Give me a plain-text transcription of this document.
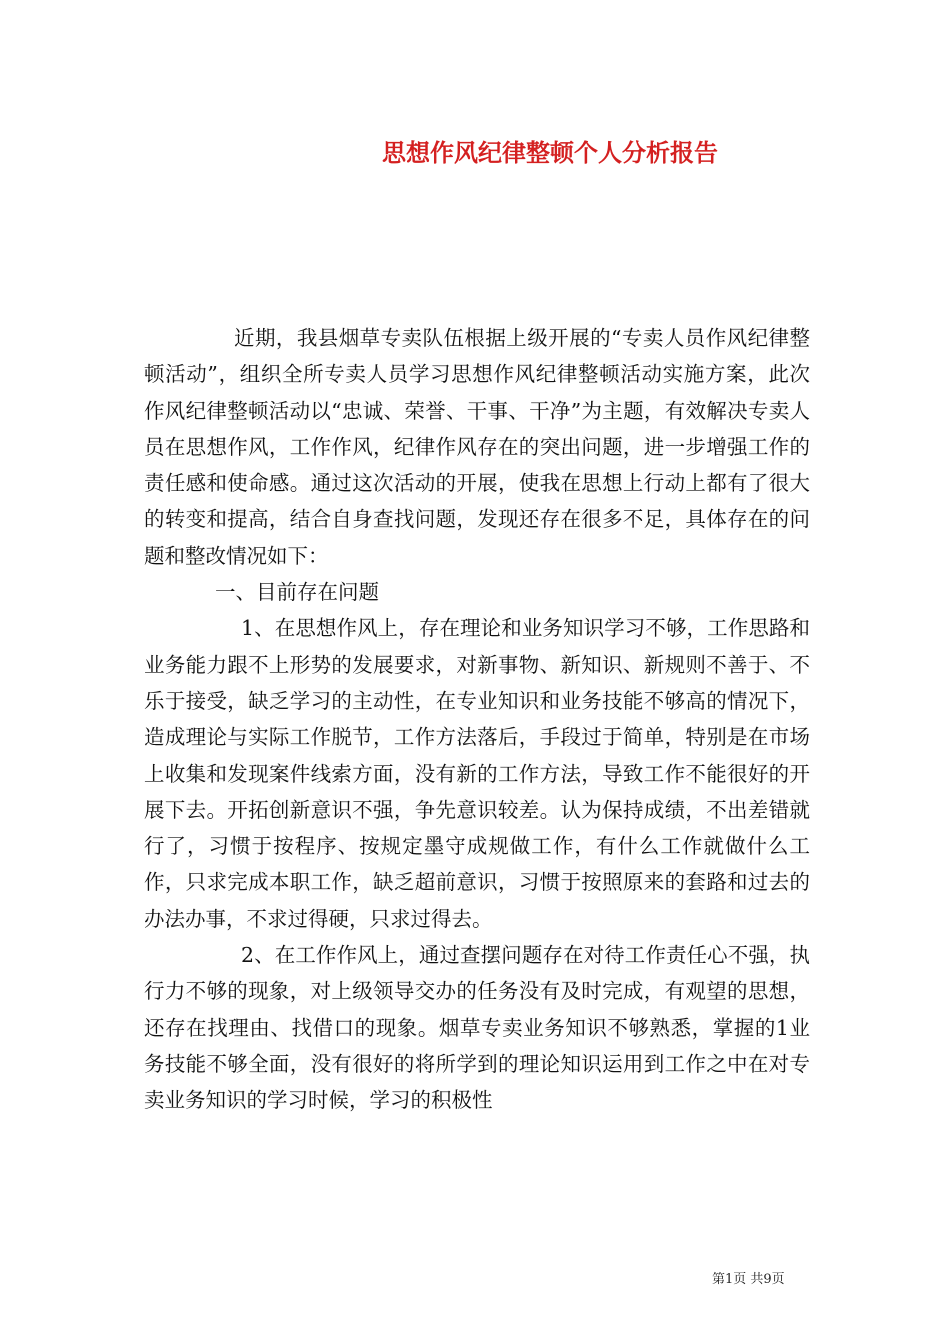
思想作风纪律整顿个人分析报告

近期，我县烟草专卖队伍根据上级开展的“专卖人员作风纪律整顿活动”，组织全所专卖人员学习思想作风纪律整顿活动实施方案，此次作风纪律整顿活动以“忠诚、荣誉、干事、干净”为主题，有效解决专卖人员在思想作风，工作作风，纪律作风存在的突出问题，进一步增强工作的责任感和使命感。通过这次活动的开展，使我在思想上行动上都有了很大的转变和提高，结合自身查找问题，发现还存在很多不足，具体存在的问题和整改情况如下：

一、目前存在问题

1、在思想作风上，存在理论和业务知识学习不够，工作思路和业务能力跟不上形势的发展要求，对新事物、新知识、新规则不善于、不乐于接受，缺乏学习的主动性，在专业知识和业务技能不够高的情况下，造成理论与实际工作脱节，工作方法落后，手段过于简单，特别是在市场上收集和发现案件线索方面，没有新的工作方法，导致工作不能很好的开展下去。开拓创新意识不强，争先意识较差。认为保持成绩，不出差错就行了，习惯于按程序、按规定墨守成规做工作，有什么工作就做什么工作，只求完成本职工作，缺乏超前意识，习惯于按照原来的套路和过去的办法办事，不求过得硬，只求过得去。

2、在工作作风上，通过查摆问题存在对待工作责任心不强，执行力不够的现象，对上级领导交办的任务没有及时完成，有观望的思想，还存在找理由、找借口的现象。烟草专卖业务知识不够熟悉，掌握的1业务技能不够全面，没有很好的将所学到的理论知识运用到工作之中在对专卖业务知识的学习时候，学习的积极性

第1页 共9页
